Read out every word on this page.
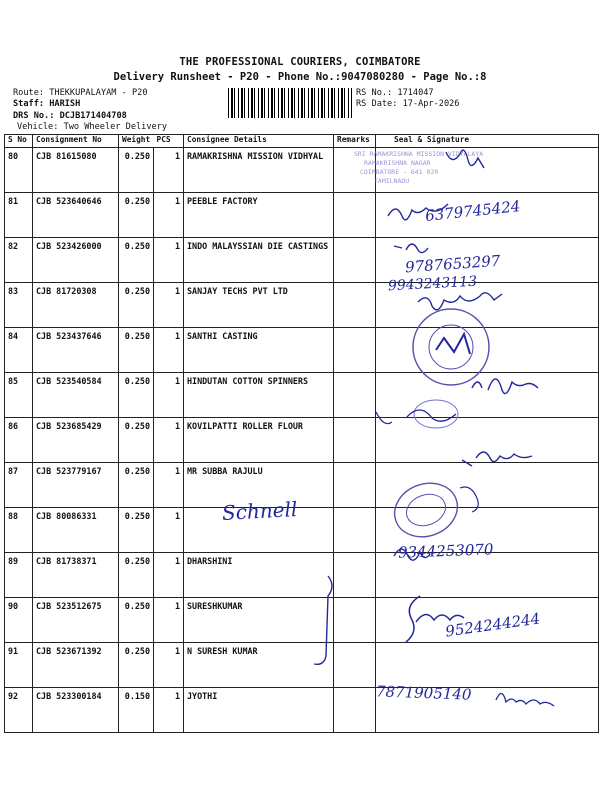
THE PROFESSIONAL COURIERS, COIMBATORE
Delivery Runsheet - P20 - Phone No.:9047080280 - Page No.:8
Route: THEKKUPALAYAM - P20
Staff: HARISH
DRS No.: DCJB171404708
Vehicle: Two Wheeler Delivery
RS No.: 1714047
RS Date: 17-Apr-2026
S No	Consignment No	Weight	PCS	Consignee Details	Remarks	Seal & Signature
80	CJB 81615080	0.250	1	RAMAKRISHNA MISSION VIDHYAL		
81	CJB 523640646	0.250	1	PEEBLE FACTORY		
82	CJB 523426000	0.250	1	INDO MALAYSSIAN DIE CASTINGS		
83	CJB 81720308	0.250	1	SANJAY TECHS PVT LTD		
84	CJB 523437646	0.250	1	SANTHI CASTING		
85	CJB 523540584	0.250	1	HINDUTAN COTTON SPINNERS		
86	CJB 523685429	0.250	1	KOVILPATTI ROLLER FLOUR		
87	CJB 523779167	0.250	1	MR SUBBA RAJULU		
88	CJB 80086331	0.250	1			
89	CJB 81738371	0.250	1	DHARSHINI		
90	CJB 523512675	0.250	1	SURESHKUMAR		
91	CJB 523671392	0.250	1	N SURESH KUMAR		
92	CJB 523300184	0.150	1	JYOTHI		
SRI RAMAKRISHNA MISSION VIDYALAYA
RAMAKRISHNA NAGAR
COIMBATORE - 641 020
TAMILNADU
6379745424
9787653297
9943243113
Schnell
9344253070
9524244244
7871905140
